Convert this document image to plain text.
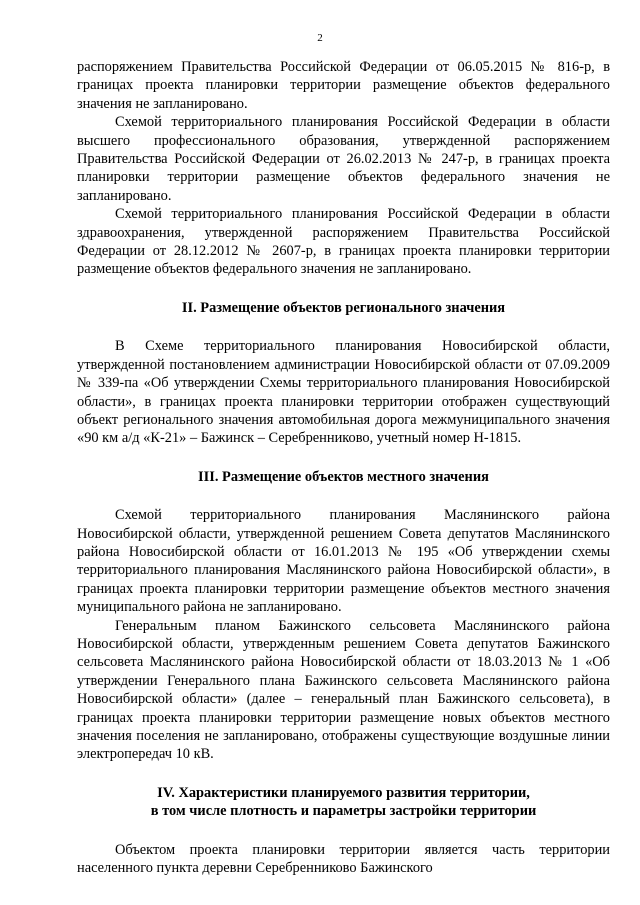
2

распоряжением Правительства Российской Федерации от 06.05.2015 № 816-р, в границах проекта планировки территории размещение объектов федерального значения не запланировано.

Схемой территориального планирования Российской Федерации в области высшего профессионального образования, утвержденной распоряжением Правительства Российской Федерации от 26.02.2013 № 247-р, в границах проекта планировки территории размещение объектов федерального значения не запланировано.

Схемой территориального планирования Российской Федерации в области здравоохранения, утвержденной распоряжением Правительства Российской Федерации от 28.12.2012 № 2607-р, в границах проекта планировки территории размещение объектов федерального значения не запланировано.

II. Размещение объектов регионального значения

В Схеме территориального планирования Новосибирской области, утвержденной постановлением администрации Новосибирской области от 07.09.2009 № 339-па «Об утверждении Схемы территориального планирования Новосибирской области», в границах проекта планировки территории отображен существующий объект регионального значения автомобильная дорога межмуниципального значения «90 км а/д «К-21» – Бажинск – Серебренниково, учетный номер Н-1815.

III. Размещение объектов местного значения

Схемой территориального планирования Маслянинского района Новосибирской области, утвержденной решением Совета депутатов Маслянинского района Новосибирской области от 16.01.2013 № 195 «Об утверждении схемы территориального планирования Маслянинского района Новосибирской области», в границах проекта планировки территории размещение объектов местного значения муниципального района не запланировано.

Генеральным планом Бажинского сельсовета Маслянинского района Новосибирской области, утвержденным решением Совета депутатов Бажинского сельсовета Маслянинского района Новосибирской области от 18.03.2013 № 1 «Об утверждении Генерального плана Бажинского сельсовета Маслянинского района Новосибирской области» (далее – генеральный план Бажинского сельсовета), в границах проекта планировки территории размещение новых объектов местного значения поселения не запланировано, отображены существующие воздушные линии электропередач 10 кВ.

IV. Характеристики планируемого развития территории,

в том числе плотность и параметры застройки территории

Объектом проекта планировки территории является часть территории населенного пункта деревни Серебренниково Бажинского
